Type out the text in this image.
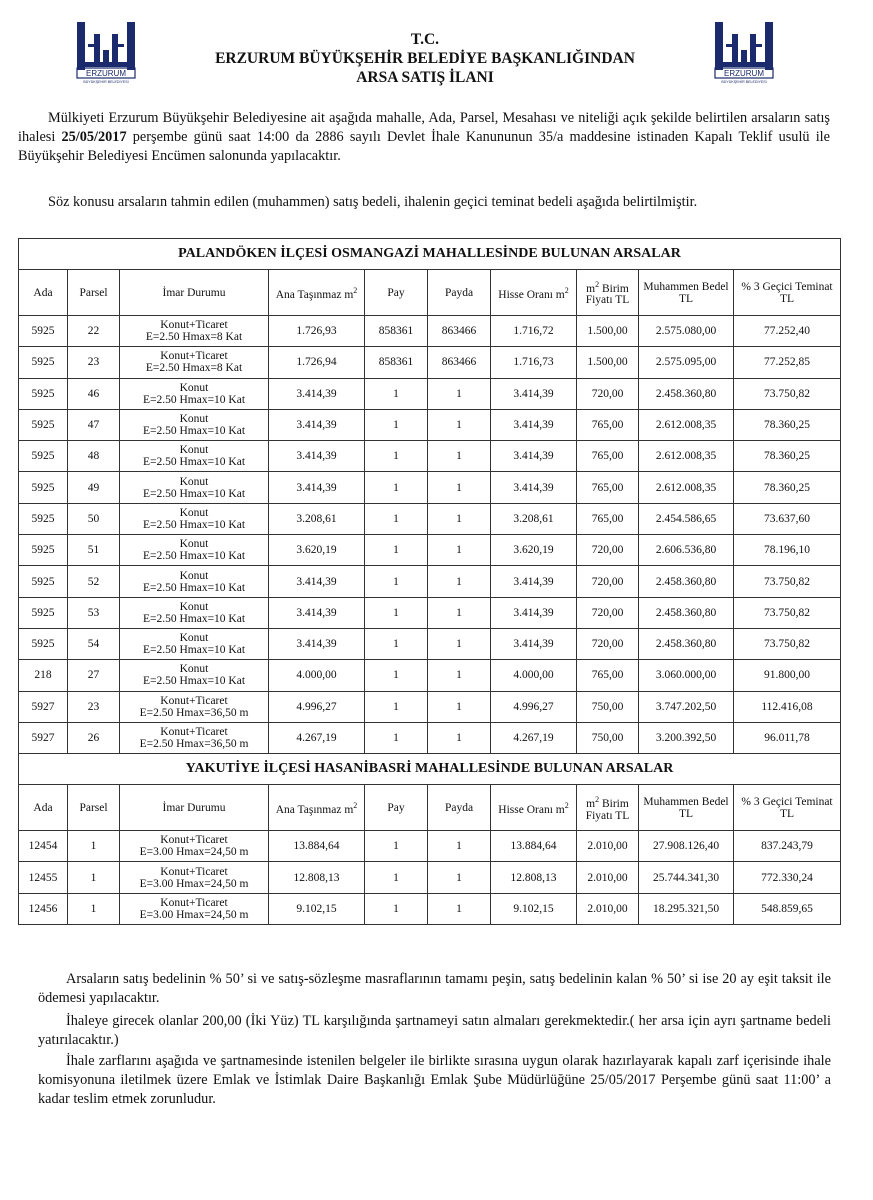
ERZURUM
BÜYÜKŞEHİR BELEDİYESİ
ERZURUM
BÜYÜKŞEHİR BELEDİYESİ
T.C.
ERZURUM BÜYÜKŞEHİR BELEDİYE BAŞKANLIĞINDAN
ARSA SATIŞ İLANI
Mülkiyeti Erzurum Büyükşehir Belediyesine ait aşağıda mahalle, Ada, Parsel, Mesahası ve niteliği açık şekilde belirtilen arsaların satış ihalesi 25/05/2017 perşembe günü saat 14:00 da 2886 sayılı Devlet İhale Kanununun 35/a maddesine istinaden Kapalı Teklif usulü ile Büyükşehir Belediyesi Encümen salonunda yapılacaktır.
Söz konusu arsaların tahmin edilen (muhammen) satış bedeli, ihalenin geçici teminat bedeli aşağıda belirtilmiştir.
PALANDÖKEN İLÇESİ OSMANGAZİ MAHALLESİNDE BULUNAN ARSALAR									
Ada	Parsel	İmar Durumu	Ana Taşınmaz $m^2$	Pay	Payda	Hisse Oranı $m^2$	$m^2$ Birim Fiyatı TL	Muhammen Bedel TL	% 3 Geçici Teminat TL
5925	22	Konut+Ticaret
E=2.50 Hmax=8 Kat	1.726,93	858361	863466	1.716,72	1.500,00	2.575.080,00	77.252,40
5925	23	Konut+Ticaret
E=2.50 Hmax=8 Kat	1.726,94	858361	863466	1.716,73	1.500,00	2.575.095,00	77.252,85
5925	46	Konut
E=2.50 Hmax=10 Kat	3.414,39	1	1	3.414,39	720,00	2.458.360,80	73.750,82
5925	47	Konut
E=2.50 Hmax=10 Kat	3.414,39	1	1	3.414,39	765,00	2.612.008,35	78.360,25
5925	48	Konut
E=2.50 Hmax=10 Kat	3.414,39	1	1	3.414,39	765,00	2.612.008,35	78.360,25
5925	49	Konut
E=2.50 Hmax=10 Kat	3.414,39	1	1	3.414,39	765,00	2.612.008,35	78.360,25
5925	50	Konut
E=2.50 Hmax=10 Kat	3.208,61	1	1	3.208,61	765,00	2.454.586,65	73.637,60
5925	51	Konut
E=2.50 Hmax=10 Kat	3.620,19	1	1	3.620,19	720,00	2.606.536,80	78.196,10
5925	52	Konut
E=2.50 Hmax=10 Kat	3.414,39	1	1	3.414,39	720,00	2.458.360,80	73.750,82
5925	53	Konut
E=2.50 Hmax=10 Kat	3.414,39	1	1	3.414,39	720,00	2.458.360,80	73.750,82
5925	54	Konut
E=2.50 Hmax=10 Kat	3.414,39	1	1	3.414,39	720,00	2.458.360,80	73.750,82
218	27	Konut
E=2.50 Hmax=10 Kat	4.000,00	1	1	4.000,00	765,00	3.060.000,00	91.800,00
5927	23	Konut+Ticaret
E=2.50 Hmax=36,50 m	4.996,27	1	1	4.996,27	750,00	3.747.202,50	112.416,08
5927	26	Konut+Ticaret
E=2.50 Hmax=36,50 m	4.267,19	1	1	4.267,19	750,00	3.200.392,50	96.011,78
YAKUTİYE İLÇESİ HASANİBASRİ MAHALLESİNDE BULUNAN ARSALAR									
Ada	Parsel	İmar Durumu	Ana Taşınmaz $m^2$	Pay	Payda	Hisse Oranı $m^2$	$m^2$ Birim Fiyatı TL	Muhammen Bedel TL	% 3 Geçici Teminat TL
12454	1	Konut+Ticaret
E=3.00 Hmax=24,50 m	13.884,64	1	1	13.884,64	2.010,00	27.908.126,40	837.243,79
12455	1	Konut+Ticaret
E=3.00 Hmax=24,50 m	12.808,13	1	1	12.808,13	2.010,00	25.744.341,30	772.330,24
12456	1	Konut+Ticaret
E=3.00 Hmax=24,50 m	9.102,15	1	1	9.102,15	2.010,00	18.295.321,50	548.859,65
Arsaların satış bedelinin % 50’ si ve satış-sözleşme masraflarının tamamı peşin, satış bedelinin kalan % 50’ si ise 20 ay eşit taksit ile ödemesi yapılacaktır.
İhaleye girecek olanlar 200,00 (İki Yüz) TL karşılığında şartnameyi satın almaları gerekmektedir.( her arsa için ayrı şartname bedeli yatırılacaktır.)
İhale zarflarını aşağıda ve şartnamesinde istenilen belgeler ile birlikte sırasına uygun olarak hazırlayarak kapalı zarf içerisinde ihale komisyonuna iletilmek üzere Emlak ve İstimlak Daire Başkanlığı Emlak Şube Müdürlüğüne 25/05/2017 Perşembe günü saat 11:00’ a kadar teslim etmek zorunludur.
